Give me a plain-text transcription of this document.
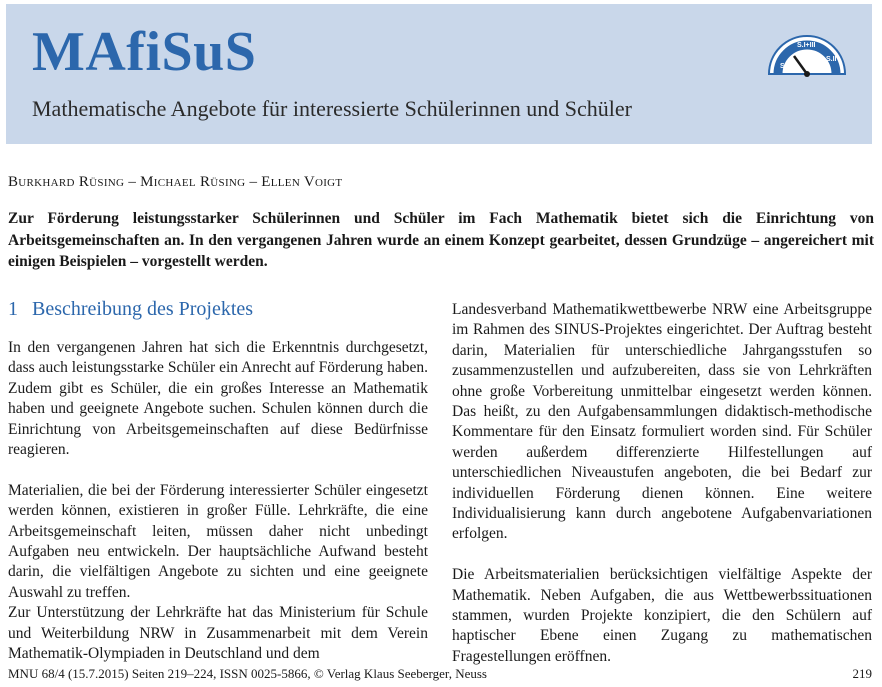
MAfiSuS
Mathematische Angebote für interessierte Schülerinnen und Schüler
S
S.I+III
S.II
Burkhard Rüsing – Michael Rüsing – Ellen Voigt
Zur Förderung leistungsstarker Schülerinnen und Schüler im Fach Mathematik bietet sich die Einrichtung von Arbeitsgemeinschaften an. In den vergangenen Jahren wurde an einem Konzept gearbeitet, dessen Grundzüge – angereichert mit einigen Beispielen – vorgestellt werden.
1 Beschreibung des Projektes

In den vergangenen Jahren hat sich die Erkenntnis durchgesetzt, dass auch leistungsstarke Schüler ein Anrecht auf Förderung haben. Zudem gibt es Schüler, die ein großes Interesse an Mathematik haben und geeignete Angebote suchen. Schulen können durch die Einrichtung von Arbeitsgemeinschaften auf diese Bedürfnisse reagieren.

Materialien, die bei der Förderung interessierter Schüler eingesetzt werden können, existieren in großer Fülle. Lehrkräfte, die eine Arbeitsgemeinschaft leiten, müssen daher nicht unbedingt Aufgaben neu entwickeln. Der hauptsächliche Aufwand besteht darin, die vielfältigen Angebote zu sichten und eine geeignete Auswahl zu treffen.

Zur Unterstützung der Lehrkräfte hat das Ministerium für Schule und Weiterbildung NRW in Zusammenarbeit mit dem Verein Mathematik-Olympiaden in Deutschland und dem

Landesverband Mathematikwettbewerbe NRW eine Arbeitsgruppe im Rahmen des SINUS-Projektes eingerichtet. Der Auftrag besteht darin, Materialien für unterschiedliche Jahrgangsstufen so zusammenzustellen und aufzubereiten, dass sie von Lehrkräften ohne große Vorbereitung unmittelbar eingesetzt werden können. Das heißt, zu den Aufgabensammlungen didaktisch-methodische Kommentare für den Einsatz formuliert worden sind. Für Schüler werden außerdem differenzierte Hilfestellungen auf unterschiedlichen Niveaustufen angeboten, die bei Bedarf zur individuellen Förderung dienen können. Eine weitere Individualisierung kann durch angebotene Aufgabenvariationen erfolgen.

Die Arbeitsmaterialien berücksichtigen vielfältige Aspekte der Mathematik. Neben Aufgaben, die aus Wettbewerbssituationen stammen, wurden Projekte konzipiert, die den Schülern auf haptischer Ebene einen Zugang zu mathematischen Fragestellungen eröffnen.

MNU 68/4 (15.7.2015) Seiten 219–224, ISSN 0025-5866, © Verlag Klaus Seeberger, Neuss	219
